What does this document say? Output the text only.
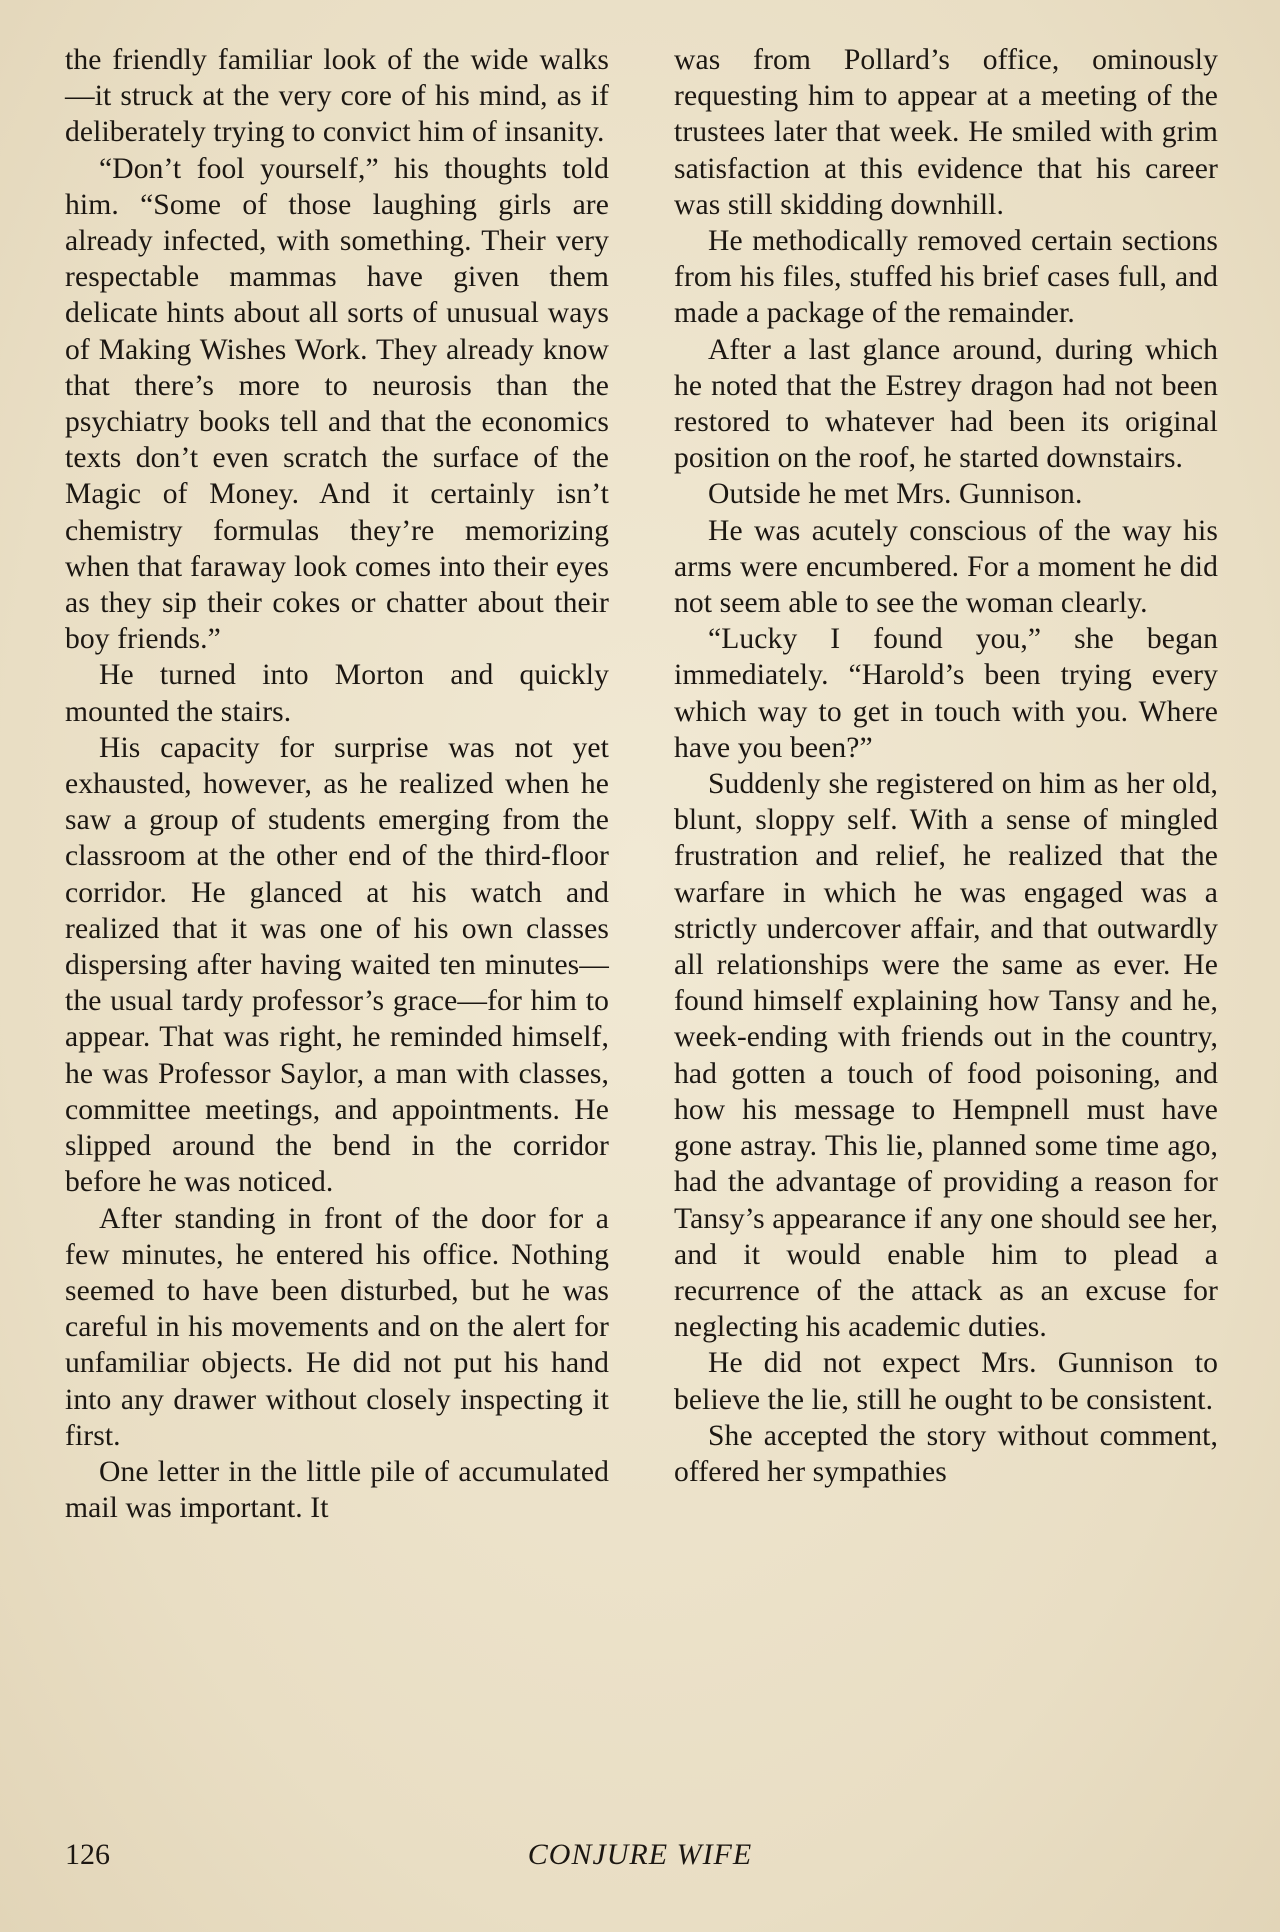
the friendly familiar look of the wide walks—it struck at the very core of his mind, as if deliberately trying to convict him of insanity.

“Don’t fool yourself,” his thoughts told him. “Some of those laughing girls are already infected, with something. Their very respectable mammas have given them delicate hints about all sorts of unusual ways of Making Wishes Work. They already know that there’s more to neurosis than the psychiatry books tell and that the economics texts don’t even scratch the surface of the Magic of Money. And it certainly isn’t chemistry formulas they’re memorizing when that faraway look comes into their eyes as they sip their cokes or chatter about their boy friends.”

He turned into Morton and quickly mounted the stairs.

His capacity for surprise was not yet exhausted, however, as he realized when he saw a group of students emerging from the classroom at the other end of the third-floor corridor. He glanced at his watch and realized that it was one of his own classes dispersing after having waited ten minutes—the usual tardy professor’s grace—for him to appear. That was right, he reminded himself, he was Professor Saylor, a man with classes, committee meetings, and appointments. He slipped around the bend in the corridor before he was noticed.

After standing in front of the door for a few minutes, he entered his office. Nothing seemed to have been disturbed, but he was careful in his movements and on the alert for unfamiliar objects. He did not put his hand into any drawer without closely inspecting it first.

One letter in the little pile of accumulated mail was important. It

was from Pollard’s office, ominously requesting him to appear at a meeting of the trustees later that week. He smiled with grim satisfaction at this evidence that his career was still skidding downhill.

He methodically removed certain sections from his files, stuffed his brief cases full, and made a package of the remainder.

After a last glance around, during which he noted that the Estrey dragon had not been restored to whatever had been its original position on the roof, he started downstairs.

Outside he met Mrs. Gunnison.

He was acutely conscious of the way his arms were encumbered. For a moment he did not seem able to see the woman clearly.

“Lucky I found you,” she began immediately. “Harold’s been trying every which way to get in touch with you. Where have you been?”

Suddenly she registered on him as her old, blunt, sloppy self. With a sense of mingled frustration and relief, he realized that the warfare in which he was engaged was a strictly undercover affair, and that outwardly all relationships were the same as ever. He found himself explaining how Tansy and he, week-ending with friends out in the country, had gotten a touch of food poisoning, and how his message to Hempnell must have gone astray. This lie, planned some time ago, had the advantage of providing a reason for Tansy’s appearance if any one should see her, and it would enable him to plead a recurrence of the attack as an excuse for neglecting his academic duties.

He did not expect Mrs. Gunnison to believe the lie, still he ought to be consistent.

She accepted the story without comment, offered her sympathies

126	CONJURE WIFE
